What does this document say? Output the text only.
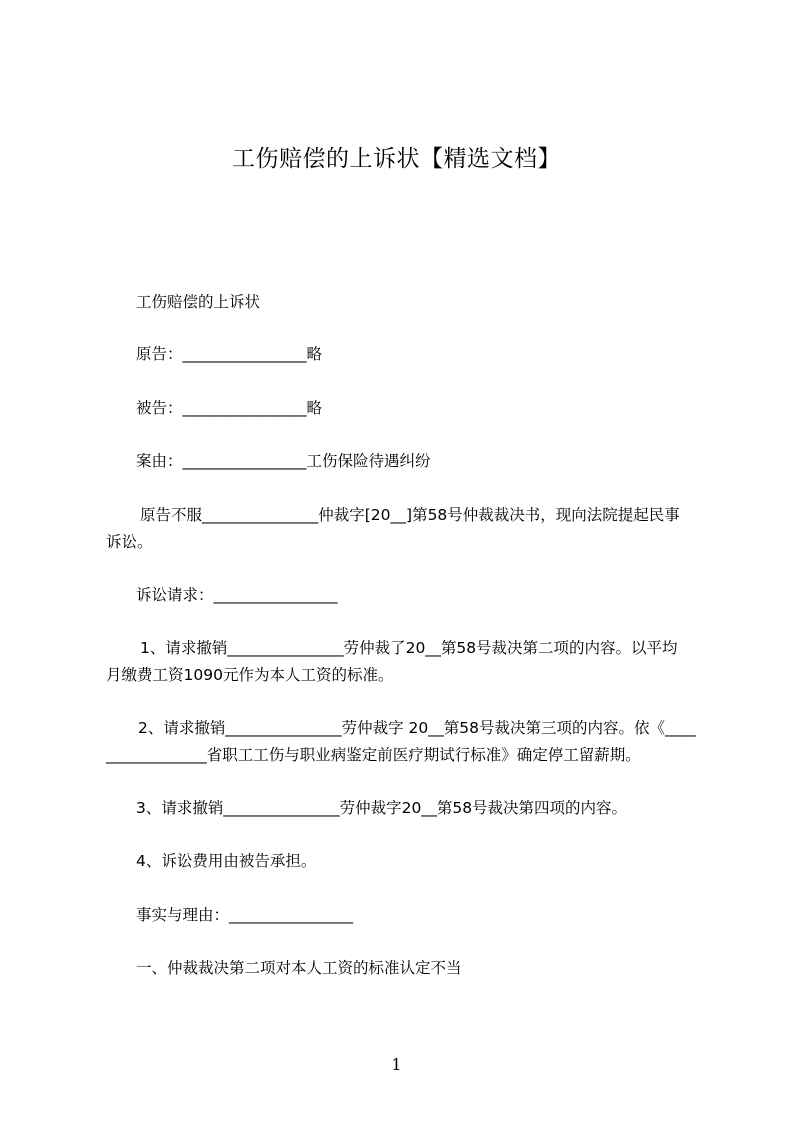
工伤赔偿的上诉状【精选文档】
工伤赔偿的上诉状
原告：________________略
被告：________________略
案由：________________工伤保险待遇纠纷
原告不服_______________仲裁字[20__]第58号仲裁裁决书，现向法院提起民事
诉讼。
诉讼请求：________________
1、请求撤销_______________劳仲裁了20__第58号裁决第二项的内容。以平均
月缴费工资1090元作为本人工资的标准。
2、请求撤销_______________劳仲裁字 20__第58号裁决第三项的内容。依《____
_____________省职工工伤与职业病鉴定前医疗期试行标准》确定停工留薪期。
3、请求撤销_______________劳仲裁字20__第58号裁决第四项的内容。
4、诉讼费用由被告承担。
事实与理由：________________
一、仲裁裁决第二项对本人工资的标准认定不当
1
